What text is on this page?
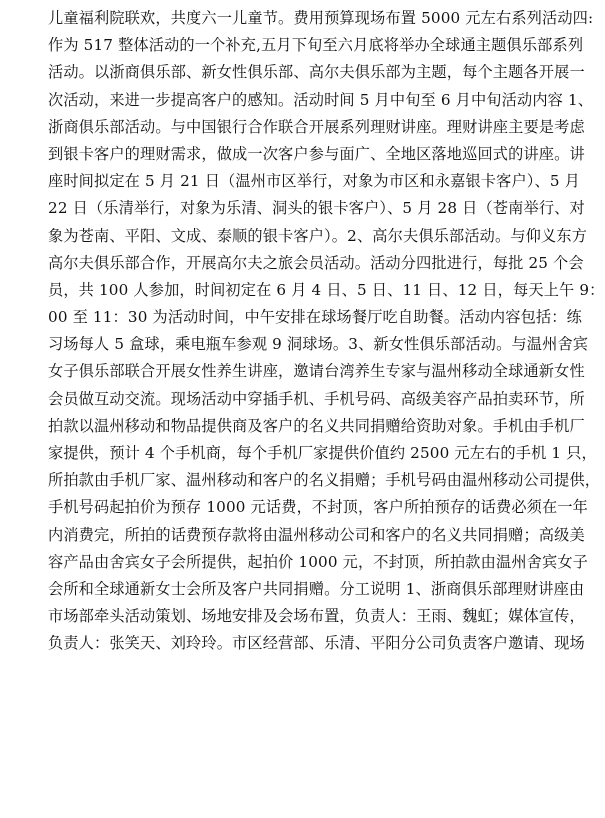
儿童福利院联欢，共度六一儿童节。费用预算现场布置 5000 元左右系列活动四:
作为 517 整体活动的一个补充,五月下旬至六月底将举办全球通主题俱乐部系列
活动。以浙商俱乐部、新女性俱乐部、高尔夫俱乐部为主题，每个主题各开展一
次活动，来进一步提高客户的感知。活动时间 5 月中旬至 6 月中旬活动内容 1、
浙商俱乐部活动。与中国银行合作联合开展系列理财讲座。理财讲座主要是考虑
到银卡客户的理财需求，做成一次客户参与面广、全地区落地巡回式的讲座。讲
座时间拟定在 5 月 21 日（温州市区举行，对象为市区和永嘉银卡客户）、5 月
22 日（乐清举行，对象为乐清、洞头的银卡客户）、5 月 28 日（苍南举行、对
象为苍南、平阳、文成、泰顺的银卡客户）。2、高尔夫俱乐部活动。与仰义东方
高尔夫俱乐部合作，开展高尔夫之旅会员活动。活动分四批进行，每批 25 个会
员，共 100 人参加，时间初定在 6 月 4 日、5 日、11 日、12 日，每天上午 9：
00 至 11：30 为活动时间，中午安排在球场餐厅吃自助餐。活动内容包括：练
习场每人 5 盒球，乘电瓶车参观 9 洞球场。3、新女性俱乐部活动。与温州舍宾
女子俱乐部联合开展女性养生讲座，邀请台湾养生专家与温州移动全球通新女性
会员做互动交流。现场活动中穿插手机、手机号码、高级美容产品拍卖环节，所
拍款以温州移动和物品提供商及客户的名义共同捐赠给资助对象。手机由手机厂
家提供，预计 4 个手机商，每个手机厂家提供价值约 2500 元左右的手机 1 只，
所拍款由手机厂家、温州移动和客户的名义捐赠；手机号码由温州移动公司提供，
手机号码起拍价为预存 1000 元话费，不封顶，客户所拍预存的话费必须在一年
内消费完，所拍的话费预存款将由温州移动公司和客户的名义共同捐赠；高级美
容产品由舍宾女子会所提供，起拍价 1000 元，不封顶，所拍款由温州舍宾女子
会所和全球通新女士会所及客户共同捐赠。分工说明 1、浙商俱乐部理财讲座由
市场部牵头活动策划、场地安排及会场布置，负责人：王雨、魏虹；媒体宣传，
负责人：张笑天、刘玲玲。市区经营部、乐清、平阳分公司负责客户邀请、现场
